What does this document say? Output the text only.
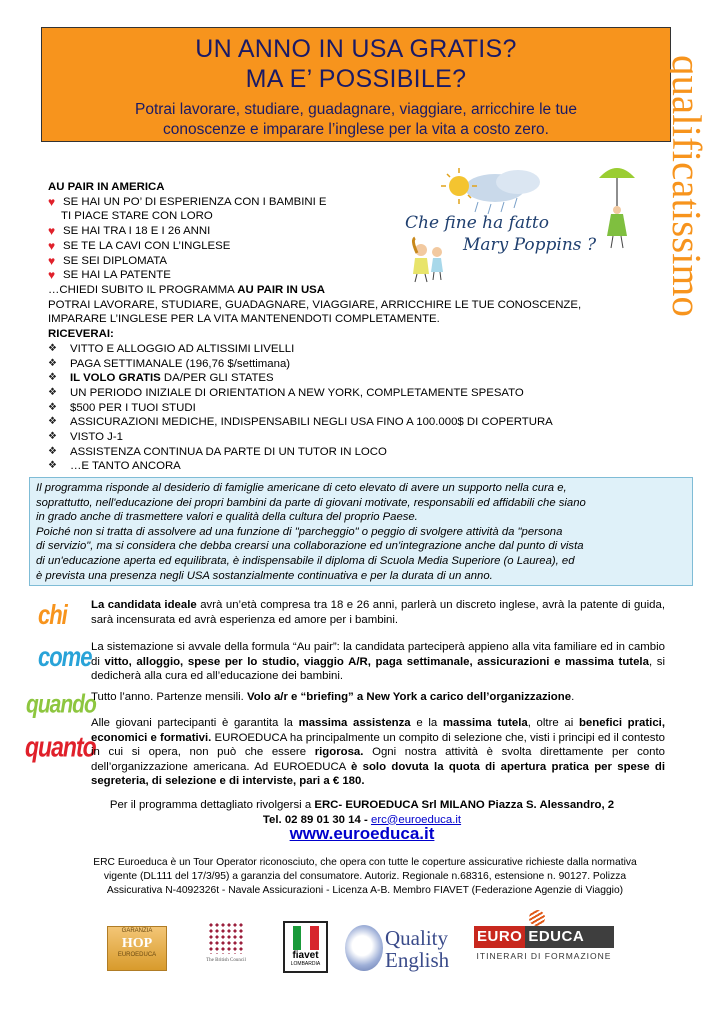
UN ANNO IN USA GRATIS?
MA E’ POSSIBILE?
Potrai lavorare, studiare, guadagnare, viaggiare, arricchire le tue
conoscenze e imparare l’inglese per la vita a costo zero.	qualificatissimo
Che fine ha fatto
Mary Poppins ?
AU PAIR IN AMERICA
♥ SE HAI UN PO’ DI ESPERIENZA CON I BAMBINI E
TI PIACE STARE CON LORO
♥ SE HAI TRA I 18 E I 26 ANNI
♥ SE TE LA CAVI CON L’INGLESE
♥ SE SEI DIPLOMATA
♥ SE HAI LA PATENTE
…CHIEDI SUBITO IL PROGRAMMA AU PAIR IN USA
POTRAI LAVORARE, STUDIARE, GUADAGNARE, VIAGGIARE, ARRICCHIRE LE TUE CONOSCENZE,
IMPARARE L’INGLESE PER LA VITA MANTENENDOTI COMPLETAMENTE.
RICEVERAI:
❖	VITTO E ALLOGGIO AD ALTISSIMI LIVELLI
❖	PAGA SETTIMANALE (196,76 $/settimana)
❖	IL VOLO GRATIS DA/PER GLI STATES
❖	UN PERIODO INIZIALE DI ORIENTATION A NEW YORK, COMPLETAMENTE SPESATO
❖	$500 PER I TUOI STUDI
❖	ASSICURAZIONI MEDICHE, INDISPENSABILI NEGLI USA FINO A 100.000$ DI COPERTURA
❖	VISTO J-1
❖	ASSISTENZA CONTINUA DA PARTE DI UN TUTOR IN LOCO
❖	…E TANTO ANCORA
Il programma risponde al desiderio di famiglie americane di ceto elevato di avere un supporto nella cura e,
soprattutto, nell'educazione dei propri bambini da parte di giovani motivate, responsabili ed affidabili che siano
in grado anche di trasmettere valori e qualità della cultura del proprio Paese.
Poiché non si tratta di assolvere ad una funzione di "parcheggio" o peggio di svolgere attività da "persona
di servizio", ma si considera che debba crearsi una collaborazione ed un'integrazione anche dal punto di vista
di un'educazione aperta ed equilibrata, è indispensabile il diploma di Scuola Media Superiore (o Laurea), ed
è prevista una presenza negli USA sostanzialmente continuativa e per la durata di un anno.
chi
come
quando
quanto
La candidata ideale avrà un’età compresa tra 18 e 26 anni, parlerà un discreto inglese, avrà la patente di guida, sarà incensurata ed avrà esperienza ed amore per i bambini.
La sistemazione si avvale della formula “Au pair”: la candidata parteciperà appieno alla vita familiare ed in cambio di vitto, alloggio, spese per lo studio, viaggio A/R, paga settimanale, assicurazioni e massima tutela, si dedicherà alla cura ed all’educazione dei bambini.
Tutto l’anno. Partenze mensili. Volo a/r e “briefing” a New York a carico dell’organizzazione.
Alle giovani partecipanti è garantita la massima assistenza e la massima tutela, oltre ai benefici pratici, economici e formativi. EUROEDUCA ha principalmente un compito di selezione che, visti i principi ed il contesto in cui si opera, non può che essere rigorosa. Ogni nostra attività è svolta direttamente per conto dell’organizzazione americana. Ad EUROEDUCA è solo dovuta la quota di apertura pratica per spese di segreteria, di selezione e di interviste, pari a € 180.
Per il programma dettagliato rivolgersi a ERC- EUROEDUCA Srl MILANO Piazza S. Alessandro, 2
Tel. 02 89 01 30 14 - erc@euroeduca.it
www.euroeduca.it
ERC Euroeduca è un Tour Operator riconosciuto, che opera con tutte le coperture assicurative richieste dalla normativa
vigente (DL111 del 17/3/95) a garanzia del consumatore. Autoriz. Regionale n.68316, estensione n. 90127. Polizza
Assicurativa N-4092326t - Navale Assicurazioni - Licenza A-B. Membro FIAVET (Federazione Agenzie di Viaggio)
GARANZIA
HOP
EUROEDUCA
The British Council	fiavet
LOMBARDIA
Quality
English
EURO EDUCA
ITINERARI DI FORMAZIONE
